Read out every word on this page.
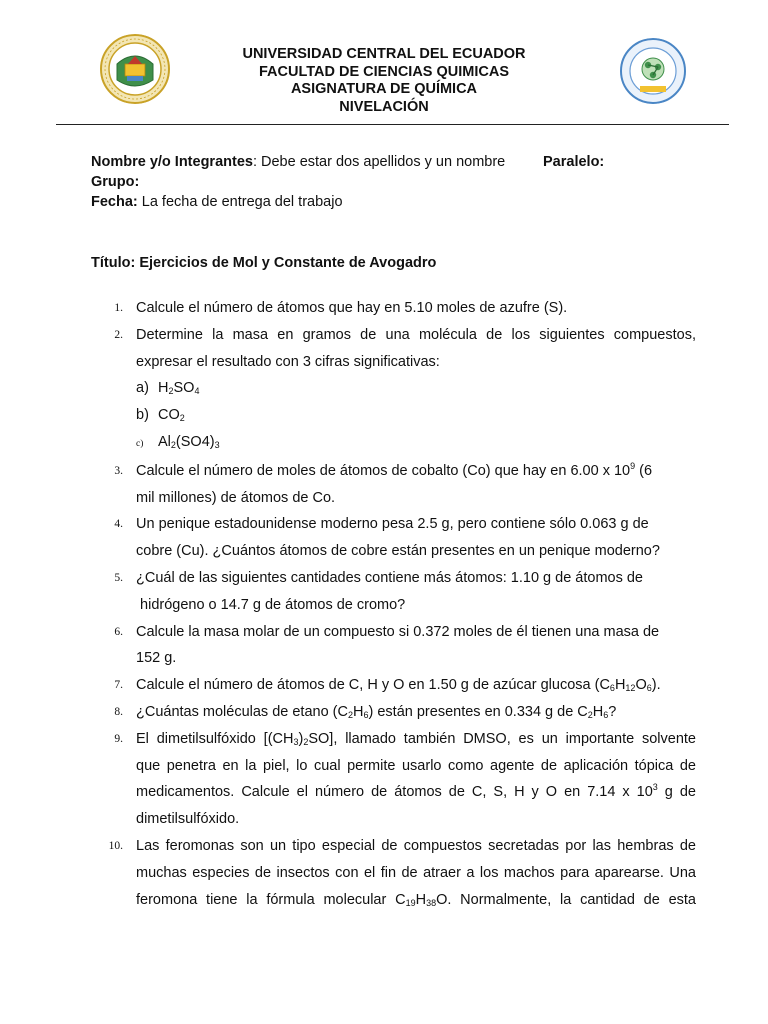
UNIVERSIDAD CENTRAL DEL ECUADOR
FACULTAD DE CIENCIAS QUIMICAS
ASIGNATURA DE QUÍMICA
NIVELACIÓN
Nombre y/o Integrantes: Debe estar dos apellidos y un nombre	Paralelo:
Grupo:
Fecha: La fecha de entrega del trabajo
Título: Ejercicios de Mol y Constante de Avogadro
1. Calcule el número de átomos que hay en 5.10 moles de azufre (S).
2. Determine la masa en gramos de una molécula de los siguientes compuestos,
expresar el resultado con 3 cifras significativas:
a) $H_2SO_4$
b) $CO_2$
c) $Al_2(SO4)_3$
3. Calcule el número de moles de átomos de cobalto (Co) que hay en 6.00 x $10^9$ (6
mil millones) de átomos de Co.
4. Un penique estadounidense moderno pesa 2.5 g, pero contiene sólo 0.063 g de
cobre (Cu). ¿Cuántos átomos de cobre están presentes en un penique moderno?
5. ¿Cuál de las siguientes cantidades contiene más átomos: 1.10 g de átomos de
hidrógeno o 14.7 g de átomos de cromo?
6. Calcule la masa molar de un compuesto si 0.372 moles de él tienen una masa de
152 g.
7. Calcule el número de átomos de C, H y O en 1.50 g de azúcar glucosa $(C_6H_{12}O_6)$.
8. ¿Cuántas moléculas de etano $(C_2H_6)$ están presentes en 0.334 g de $C_2H_6$?
9. El dimetilsulfóxido $[(CH_3)_2SO]$, llamado también DMSO, es un importante solvente
que penetra en la piel, lo cual permite usarlo como agente de aplicación tópica de
medicamentos. Calcule el número de átomos de C, S, H y O en 7.14 x $10^3$ g de
dimetilsulfóxido.
10. Las feromonas son un tipo especial de compuestos secretadas por las hembras de
muchas especies de insectos con el fin de atraer a los machos para aparearse. Una
feromona tiene la fórmula molecular $C_{19}H_{38}O$. Normalmente, la cantidad de esta
